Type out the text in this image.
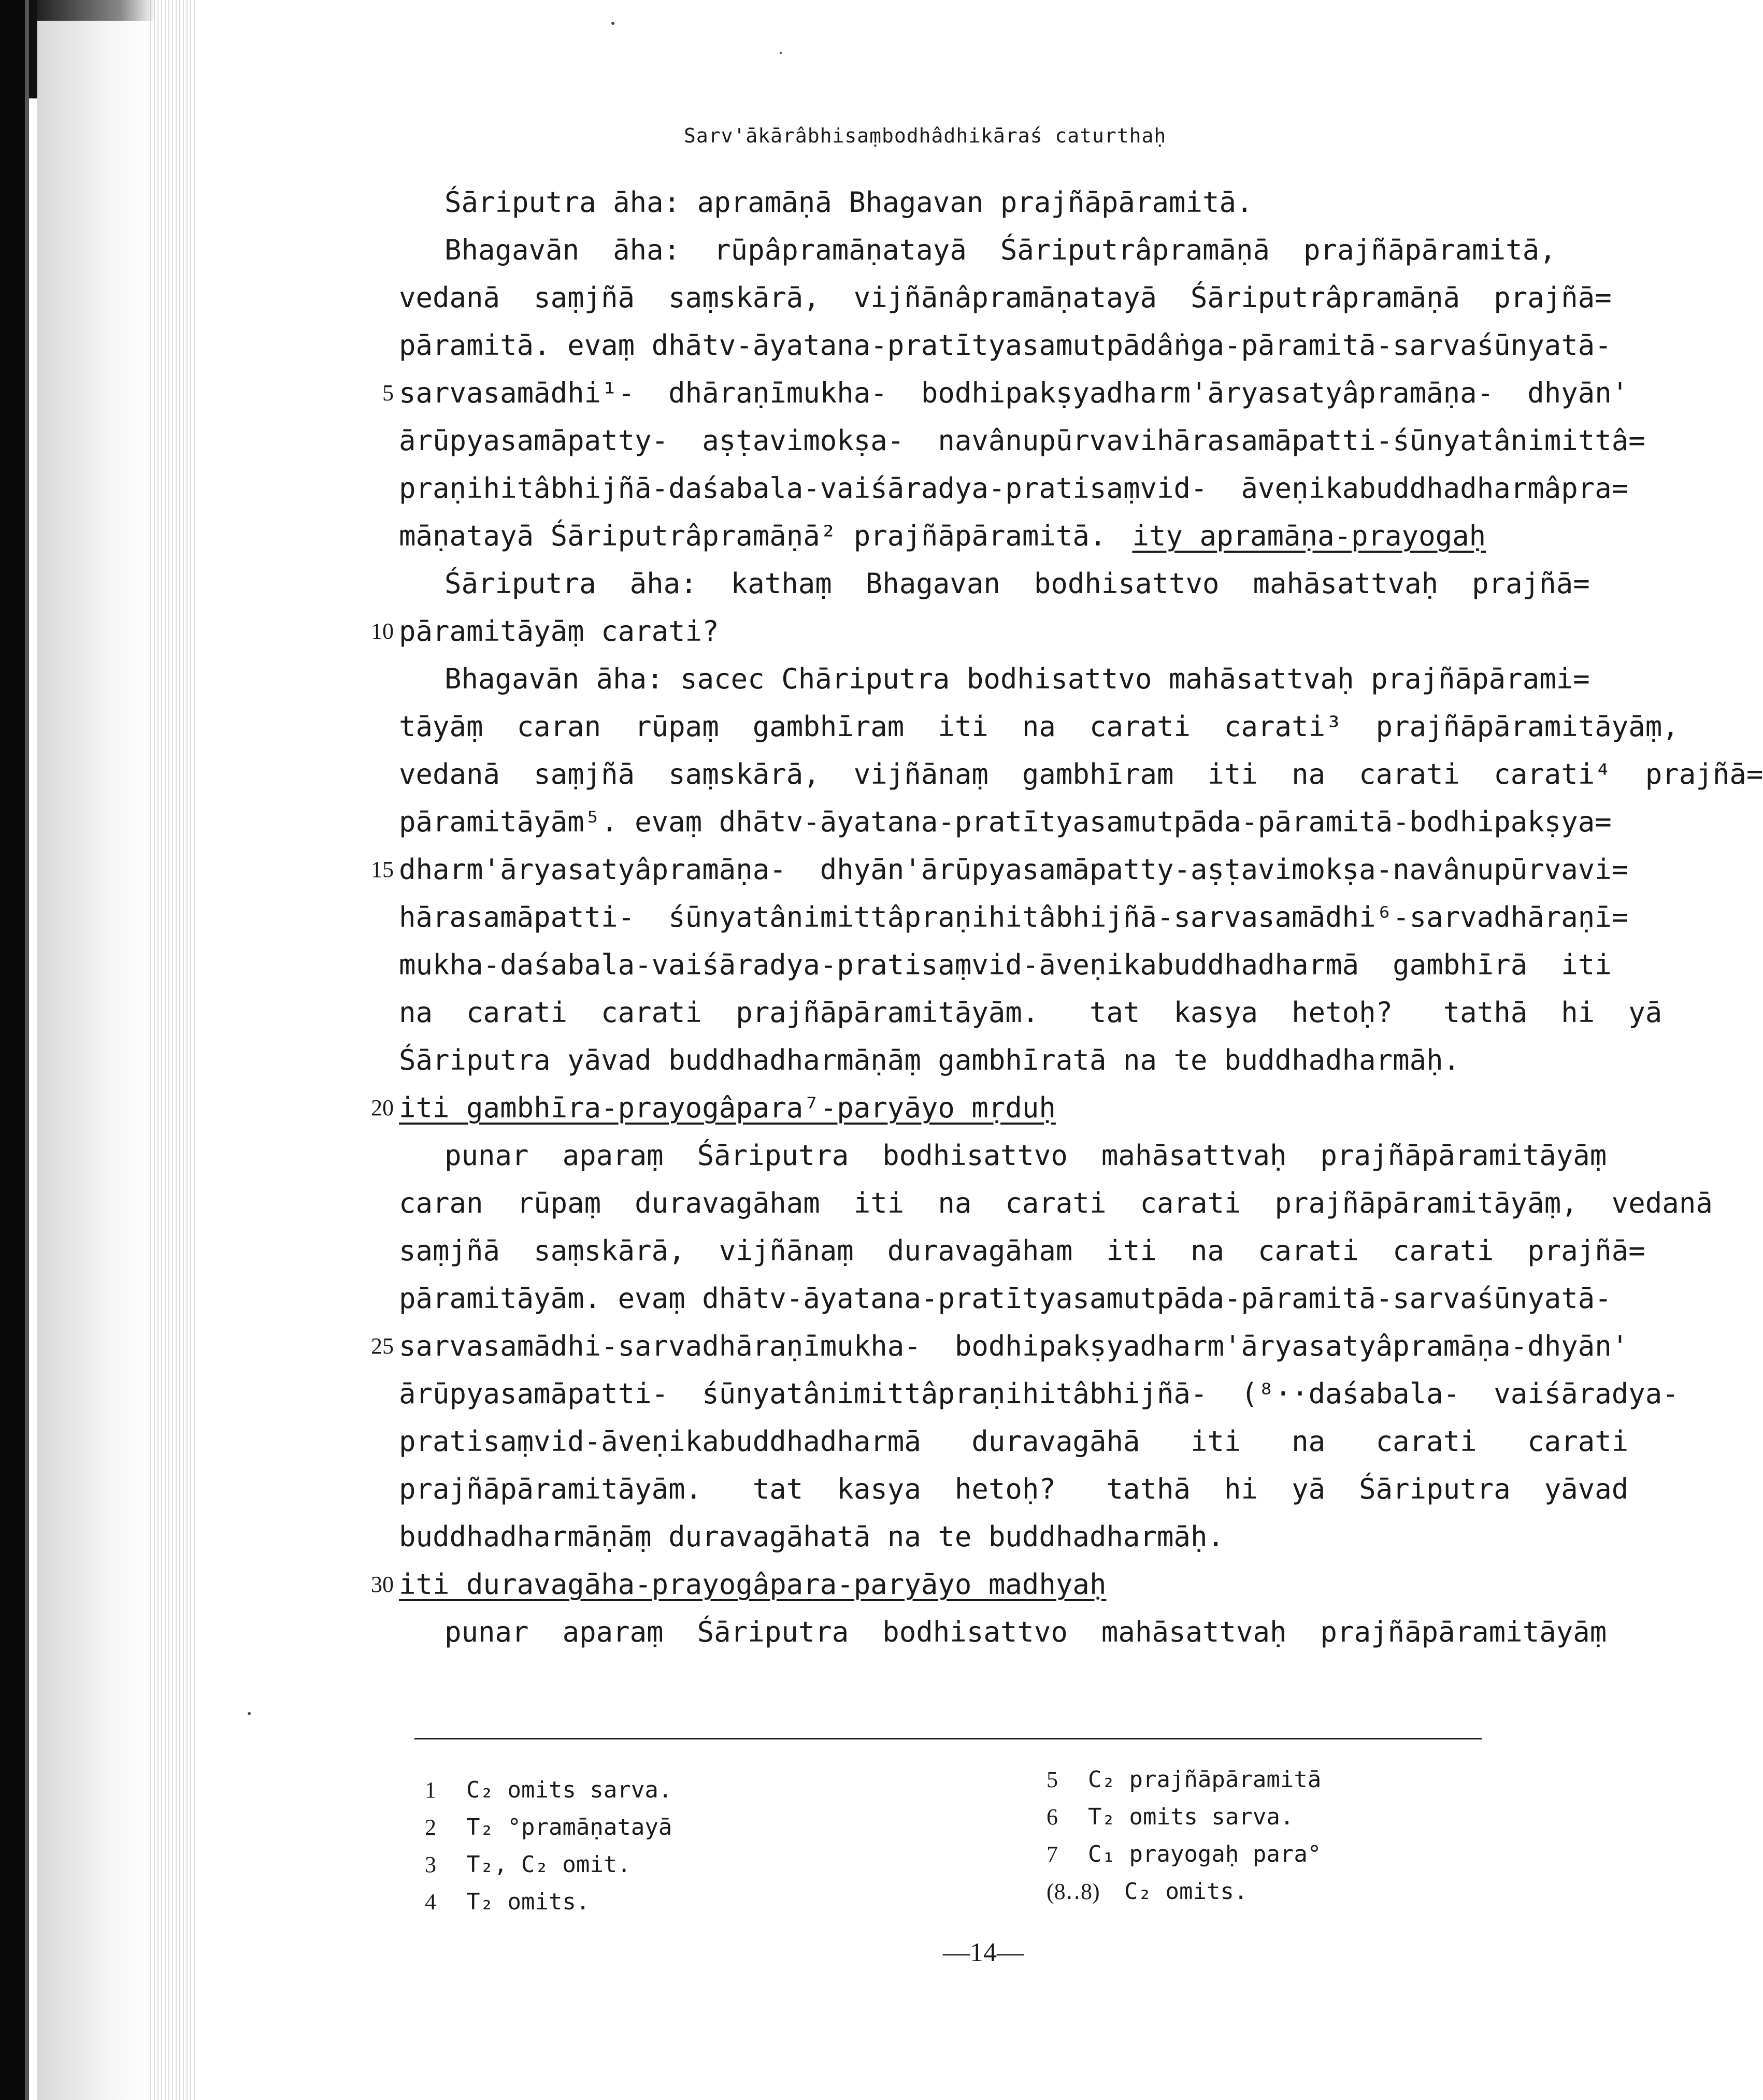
Sarv'ākārâbhisaṃbodhâdhikāraś caturthaḥ
Śāriputra āha: apramāṇā Bhagavan prajñāpāramitā.
Bhagavān  āha:  rūpâpramāṇatayā  Śāriputrâpramāṇā  prajñāpāramitā,
vedanā  saṃjñā  saṃskārā,  vijñānâpramāṇatayā  Śāriputrâpramāṇā  prajñā=
pāramitā. evaṃ dhātv-āyatana-pratītyasamutpādâṅga-pāramitā-sarvaśūnyatā-
5 sarvasamādhi¹-  dhāraṇīmukha-  bodhipakṣyadharm'āryasatyâpramāṇa-  dhyān'
ārūpyasamāpatty-  aṣṭavimokṣa-  navânupūrvavihārasamāpatti-śūnyatânimittâ=
praṇihitâbhijñā-daśabala-vaiśāradya-pratisaṃvid-  āveṇikabuddhadharmâpra=
māṇatayā Śāriputrâpramāṇā² prajñāpāramitā. ity apramāṇa-prayogaḥ
Śāriputra  āha:  kathaṃ  Bhagavan  bodhisattvo  mahāsattvaḥ  prajñā=
10 pāramitāyāṃ carati?
Bhagavān āha: sacec Chāriputra bodhisattvo mahāsattvaḥ prajñāpārami=
tāyāṃ  caran  rūpaṃ  gambhīram  iti  na  carati  carati³  prajñāpāramitāyāṃ,
vedanā  saṃjñā  saṃskārā,  vijñānaṃ  gambhīram  iti  na  carati  carati⁴  prajñā=
pāramitāyām⁵. evaṃ dhātv-āyatana-pratītyasamutpāda-pāramitā-bodhipakṣya=
15 dharm'āryasatyâpramāṇa-  dhyān'ārūpyasamāpatty-aṣṭavimokṣa-navânupūrvavi=
hārasamāpatti-  śūnyatânimittâpraṇihitâbhijñā-sarvasamādhi⁶-sarvadhāraṇī=
mukha-daśabala-vaiśāradya-pratisaṃvid-āveṇikabuddhadharmā  gambhīrā  iti
na  carati  carati  prajñāpāramitāyām.   tat  kasya  hetoḥ?   tathā  hi  yā
Śāriputra yāvad buddhadharmāṇāṃ gambhīratā na te buddhadharmāḥ.
20 iti gambhīra-prayogâpara⁷-paryāyo mṛduḥ
punar  aparaṃ  Śāriputra  bodhisattvo  mahāsattvaḥ  prajñāpāramitāyāṃ
caran  rūpaṃ  duravagāham  iti  na  carati  carati  prajñāpāramitāyāṃ,  vedanā
saṃjñā  saṃskārā,  vijñānaṃ  duravagāham  iti  na  carati  carati  prajñā=
pāramitāyām. evaṃ dhātv-āyatana-pratītyasamutpāda-pāramitā-sarvaśūnyatā-
25 sarvasamādhi-sarvadhāraṇīmukha-  bodhipakṣyadharm'āryasatyâpramāṇa-dhyān'
ārūpyasamāpatti-  śūnyatânimittâpraṇihitâbhijñā-  (⁸··daśabala-  vaiśāradya-
pratisaṃvid-āveṇikabuddhadharmā   duravagāhā   iti   na   carati   carati
prajñāpāramitāyām.   tat  kasya  hetoḥ?   tathā  hi  yā  Śāriputra  yāvad
buddhadharmāṇāṃ duravagāhatā na te buddhadharmāḥ.
30 iti duravagāha-prayogâpara-paryāyo madhyaḥ
punar  aparaṃ  Śāriputra  bodhisattvo  mahāsattvaḥ  prajñāpāramitāyāṃ
1 C₂ omits sarva.
2 T₂ °pramāṇatayā
3 T₂, C₂ omit.
4 T₂ omits.
5 C₂ prajñāpāramitā
6 T₂ omits sarva.
7 C₁ prayogaḥ para°
(8‥8) C₂ omits.
—14—
